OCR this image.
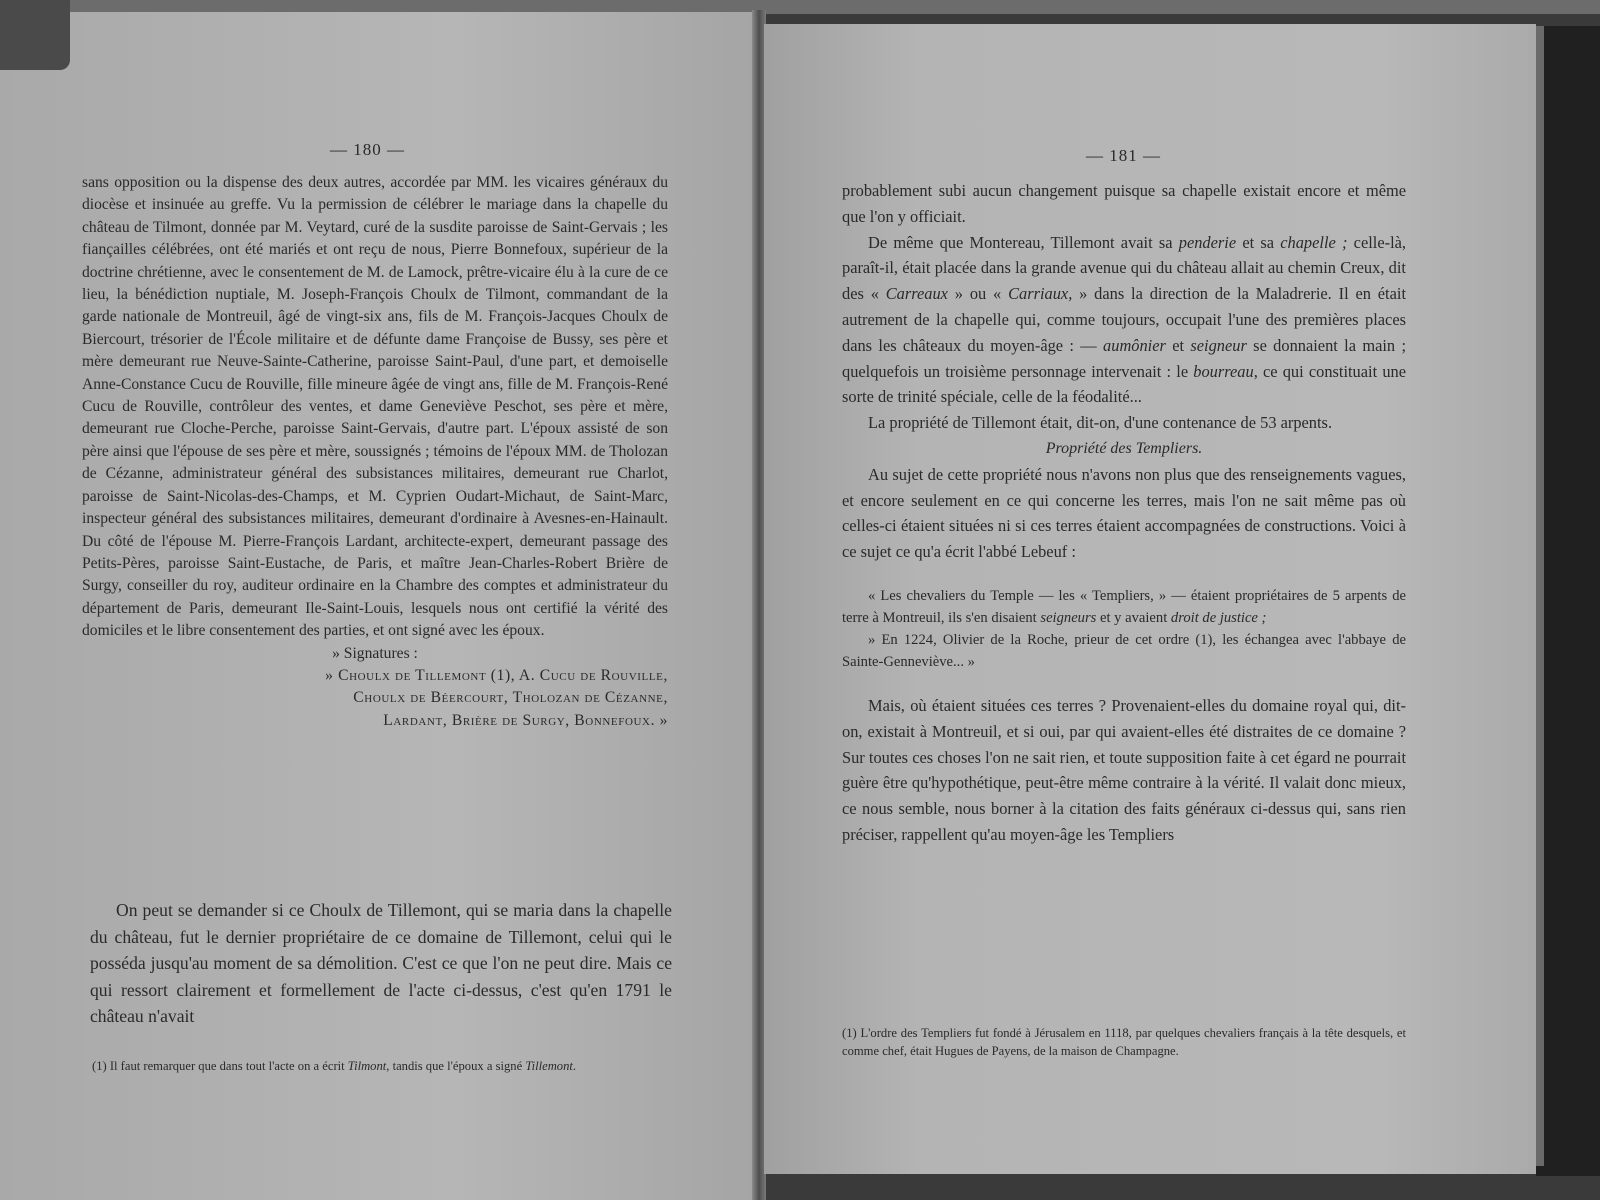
— 180 —

sans opposition ou la dispense des deux autres, accordée par MM. les vicaires généraux du diocèse et insinuée au greffe. Vu la permission de célébrer le mariage dans la chapelle du château de Tilmont, donnée par M. Veytard, curé de la susdite paroisse de Saint-Gervais ; les fiançailles célébrées, ont été mariés et ont reçu de nous, Pierre Bonnefoux, supérieur de la doctrine chrétienne, avec le consentement de M. de Lamock, prêtre-vicaire élu à la cure de ce lieu, la bénédiction nuptiale, M. Joseph-François Choulx de Tilmont, commandant de la garde nationale de Montreuil, âgé de vingt-six ans, fils de M. François-Jacques Choulx de Biercourt, trésorier de l'École militaire et de défunte dame Françoise de Bussy, ses père et mère demeurant rue Neuve-Sainte-Catherine, paroisse Saint-Paul, d'une part, et demoiselle Anne-Constance Cucu de Rouville, fille mineure âgée de vingt ans, fille de M. François-René Cucu de Rouville, contrôleur des ventes, et dame Geneviève Peschot, ses père et mère, demeurant rue Cloche-Perche, paroisse Saint-Gervais, d'autre part. L'époux assisté de son père ainsi que l'épouse de ses père et mère, soussignés ; témoins de l'époux MM. de Tholozan de Cézanne, administrateur général des subsistances militaires, demeurant rue Charlot, paroisse de Saint-Nicolas-des-Champs, et M. Cyprien Oudart-Michaut, de Saint-Marc, inspecteur général des subsistances militaires, demeurant d'ordinaire à Avesnes-en-Hainault. Du côté de l'épouse M. Pierre-François Lardant, architecte-expert, demeurant passage des Petits-Pères, paroisse Saint-Eustache, de Paris, et maître Jean-Charles-Robert Brière de Surgy, conseiller du roy, auditeur ordinaire en la Chambre des comptes et administrateur du département de Paris, demeurant Ile-Saint-Louis, lesquels nous ont certifié la vérité des domiciles et le libre consentement des parties, et ont signé avec les époux.

» Signatures :

» Choulx de Tillemont (1), A. Cucu de Rouville,

Choulx de Béercourt, Tholozan de Cézanne,

Lardant, Brière de Surgy, Bonnefoux. »

On peut se demander si ce Choulx de Tillemont, qui se maria dans la chapelle du château, fut le dernier propriétaire de ce domaine de Tillemont, celui qui le posséda jusqu'au moment de sa démolition. C'est ce que l'on ne peut dire. Mais ce qui ressort clairement et formellement de l'acte ci-dessus, c'est qu'en 1791 le château n'avait

(1) Il faut remarquer que dans tout l'acte on a écrit Tilmont, tandis que l'époux a signé Tillemont.
— 181 —

probablement subi aucun changement puisque sa chapelle existait encore et même que l'on y officiait.

De même que Montereau, Tillemont avait sa penderie et sa chapelle ; celle-là, paraît-il, était placée dans la grande avenue qui du château allait au chemin Creux, dit des « Carreaux » ou « Carriaux, » dans la direction de la Maladrerie. Il en était autrement de la chapelle qui, comme toujours, occupait l'une des premières places dans les châteaux du moyen-âge : — aumônier et seigneur se donnaient la main ; quelquefois un troisième personnage intervenait : le bourreau, ce qui constituait une sorte de trinité spéciale, celle de la féodalité...

La propriété de Tillemont était, dit-on, d'une contenance de 53 arpents.

Propriété des Templiers.

Au sujet de cette propriété nous n'avons non plus que des renseignements vagues, et encore seulement en ce qui concerne les terres, mais l'on ne sait même pas où celles-ci étaient situées ni si ces terres étaient accompagnées de constructions. Voici à ce sujet ce qu'a écrit l'abbé Lebeuf :

« Les chevaliers du Temple — les « Templiers, » — étaient propriétaires de 5 arpents de terre à Montreuil, ils s'en disaient seigneurs et y avaient droit de justice ;

» En 1224, Olivier de la Roche, prieur de cet ordre (1), les échangea avec l'abbaye de Sainte-Genneviève... »

Mais, où étaient situées ces terres ? Provenaient-elles du domaine royal qui, dit-on, existait à Montreuil, et si oui, par qui avaient-elles été distraites de ce domaine ? Sur toutes ces choses l'on ne sait rien, et toute supposition faite à cet égard ne pourrait guère être qu'hypothétique, peut-être même contraire à la vérité. Il valait donc mieux, ce nous semble, nous borner à la citation des faits généraux ci-dessus qui, sans rien préciser, rappellent qu'au moyen-âge les Templiers

(1) L'ordre des Templiers fut fondé à Jérusalem en 1118, par quelques chevaliers français à la tête desquels, et comme chef, était Hugues de Payens, de la maison de Champagne.
